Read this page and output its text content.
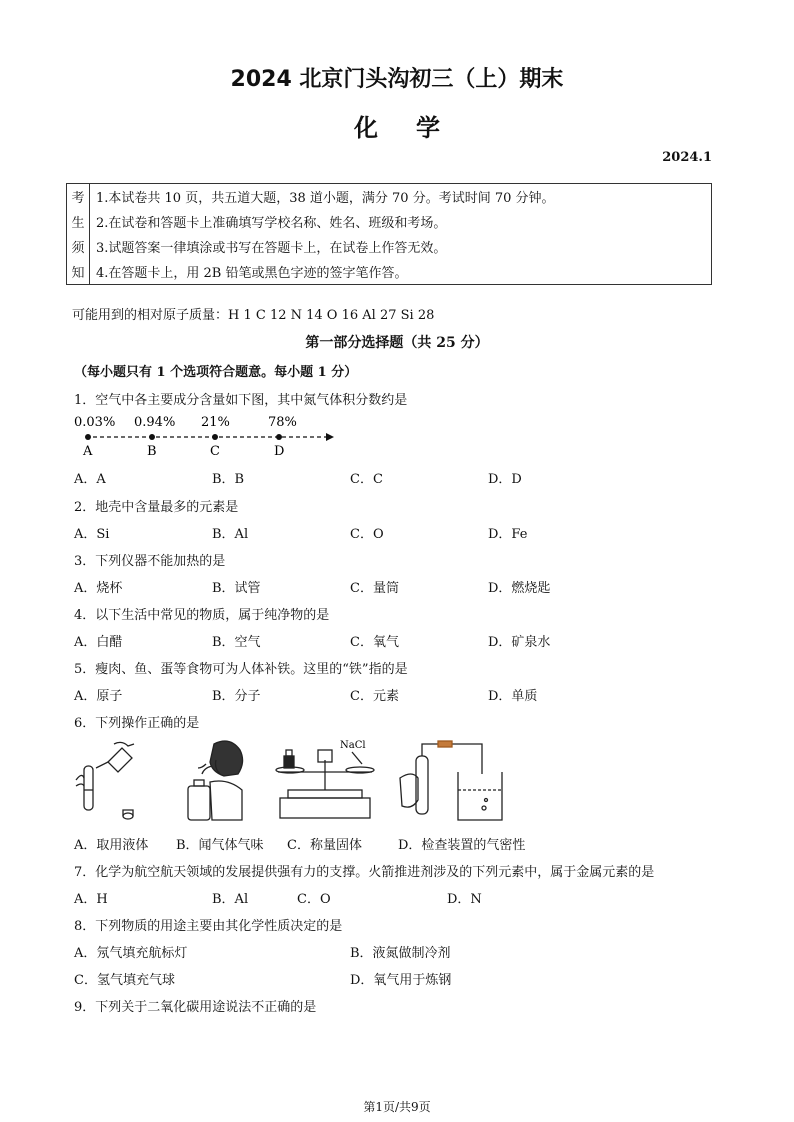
2024 北京门头沟初三（上）期末
化学
2024.1
考	1.本试卷共 10 页，共五道大题，38 道小题，满分 70 分。考试时间 70 分钟。
生	2.在试卷和答题卡上准确填写学校名称、姓名、班级和考场。
须	3.试题答案一律填涂或书写在答题卡上，在试卷上作答无效。
知	4.在答题卡上，用 2B 铅笔或黑色字迹的签字笔作答。
可能用到的相对原子质量：H 1 C 12 N 14 O 16 Al 27 Si 28
第一部分选择题（共 25 分）
（每小题只有 1 个选项符合题意。每小题 1 分）
1．空气中各主要成分含量如下图，其中氮气体积分数约是
0.03% 0.94% 21%	78%
A	B	C	D
A．A	B．B	C．C	D．D
2．地壳中含量最多的元素是
A．Si	B．Al	C．O	D．Fe
3．下列仪器不能加热的是
A．烧杯	B．试管	C．量筒	D．燃烧匙
4．以下生活中常见的物质，属于纯净物的是
A．白醋	B．空气	C．氧气	D．矿泉水
5．瘦肉、鱼、蛋等食物可为人体补铁。这里的“铁”指的是
A．原子	B．分子	C．元素	D．单质
6．下列操作正确的是
NaCl
A．取用液体 B．闻气体气味 C．称量固体	D．检查装置的气密性
7．化学为航空航天领域的发展提供强有力的支撑。火箭推进剂涉及的下列元素中，属于金属元素的是
A．H	B．Al	C．O	D．N
8．下列物质的用途主要由其化学性质决定的是
A．氖气填充航标灯	B．液氮做制冷剂
C．氢气填充气球	D．氧气用于炼钢
9．下列关于二氧化碳用途说法不正确的是
第1页/共9页
